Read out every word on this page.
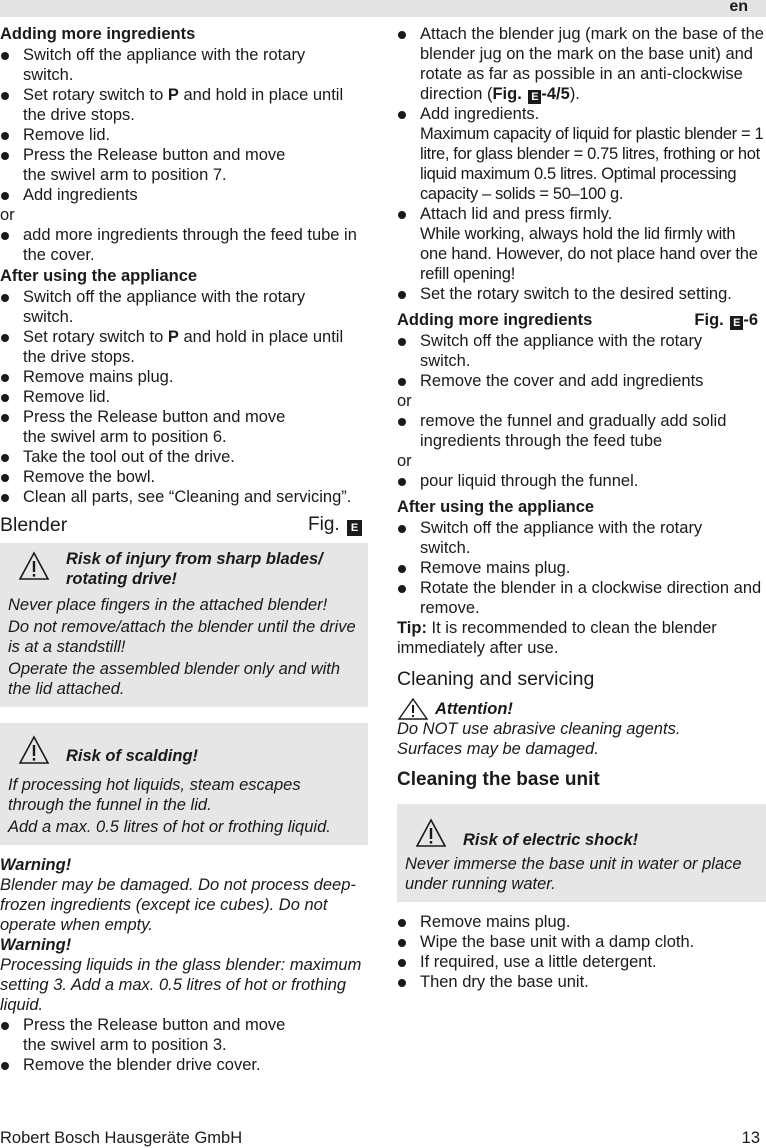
en
Adding more ingredients
Switch off the appliance with the rotary switch.
Set rotary switch to P and hold in place until the drive stops.
Remove lid.
Press the Release button and move the swivel arm to position 7.
Add ingredients
or
add more ingredients through the feed tube in the cover.
After using the appliance
Switch off the appliance with the rotary switch.
Set rotary switch to P and hold in place until the drive stops.
Remove mains plug.
Remove lid.
Press the Release button and move the swivel arm to position 6.
Take the tool out of the drive.
Remove the bowl.
Clean all parts, see “Cleaning and servicing”.
Blender	Fig. E
Risk of injury from sharp blades/ rotating drive!

Never place fingers in the attached blender!

Do not remove/attach the blender until the drive is at a standstill!

Operate the assembled blender only and with the lid attached.

Risk of scalding!

If processing hot liquids, steam escapes through the funnel in the lid.

Add a max. 0.5 litres of hot or frothing liquid.

Warning!
Blender may be damaged. Do not process deep-frozen ingredients (except ice cubes). Do not operate when empty.
Warning!
Processing liquids in the glass blender: maximum setting 3. Add a max. 0.5 litres of hot or frothing liquid.
Press the Release button and move the swivel arm to position 3.
Remove the blender drive cover.
Attach the blender jug (mark on the base of the blender jug on the mark on the base unit) and rotate as far as possible in an anti-clockwise direction (Fig. E -4/5).
Add ingredients.
Maximum capacity of liquid for plastic blender = 1 litre, for glass blender = 0.75 litres, frothing or hot liquid maximum 0.5 litres. Optimal processing capacity – solids = 50–100 g.
Attach lid and press firmly.
While working, always hold the lid firmly with one hand. However, do not place hand over the refill opening!
Set the rotary switch to the desired setting.
Adding more ingredients	Fig. E -6
Switch off the appliance with the rotary switch.
Remove the cover and add ingredients
or
remove the funnel and gradually add solid ingredients through the feed tube
or
pour liquid through the funnel.
After using the appliance
Switch off the appliance with the rotary switch.
Remove mains plug.
Rotate the blender in a clockwise direction and remove.
Tip: It is recommended to clean the blender immediately after use.
Cleaning and servicing
Attention!
Do NOT use abrasive cleaning agents. Surfaces may be damaged.
Cleaning the base unit
Risk of electric shock!

Never immerse the base unit in water or place under running water.

Remove mains plug.
Wipe the base unit with a damp cloth.
If required, use a little detergent.
Then dry the base unit.
Robert Bosch Hausgeräte GmbH	13
